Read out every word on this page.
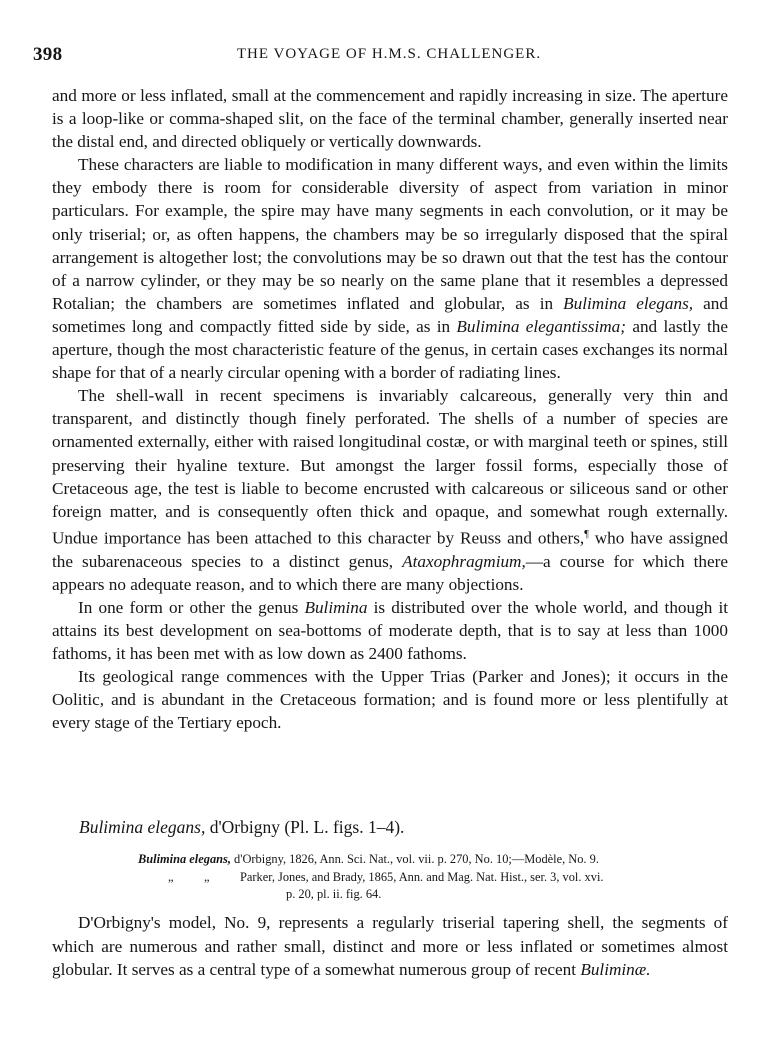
398	THE VOYAGE OF H.M.S. CHALLENGER.

and more or less inflated, small at the commencement and rapidly increasing in size. The aperture is a loop-like or comma-shaped slit, on the face of the terminal chamber, generally inserted near the distal end, and directed obliquely or vertically downwards.

These characters are liable to modification in many different ways, and even within the limits they embody there is room for considerable diversity of aspect from variation in minor particulars. For example, the spire may have many segments in each convolution, or it may be only triserial; or, as often happens, the chambers may be so irregularly disposed that the spiral arrangement is altogether lost; the convolutions may be so drawn out that the test has the contour of a narrow cylinder, or they may be so nearly on the same plane that it resembles a depressed Rotalian; the chambers are sometimes inflated and globular, as in Bulimina elegans, and sometimes long and compactly fitted side by side, as in Bulimina elegantissima; and lastly the aperture, though the most characteristic feature of the genus, in certain cases exchanges its normal shape for that of a nearly circular opening with a border of radiating lines.

The shell-wall in recent specimens is invariably calcareous, generally very thin and transparent, and distinctly though finely perforated. The shells of a number of species are ornamented externally, either with raised longitudinal costæ, or with marginal teeth or spines, still preserving their hyaline texture. But amongst the larger fossil forms, especially those of Cretaceous age, the test is liable to become encrusted with calcareous or siliceous sand or other foreign matter, and is consequently often thick and opaque, and somewhat rough externally. Undue importance has been attached to this character by Reuss and others,¶ who have assigned the subarenaceous species to a distinct genus, Ataxophragmium,—a course for which there appears no adequate reason, and to which there are many objections.

In one form or other the genus Bulimina is distributed over the whole world, and though it attains its best development on sea-bottoms of moderate depth, that is to say at less than 1000 fathoms, it has been met with as low down as 2400 fathoms.

Its geological range commences with the Upper Trias (Parker and Jones); it occurs in the Oolitic, and is abundant in the Cretaceous formation; and is found more or less plentifully at every stage of the Tertiary epoch.

Bulimina elegans, d'Orbigny (Pl. L. figs. 1–4).
Bulimina elegans, d'Orbigny, 1826, Ann. Sci. Nat., vol. vii. p. 270, No. 10;—Modèle, No. 9.
„ „ Parker, Jones, and Brady, 1865, Ann. and Mag. Nat. Hist., ser. 3, vol. xvi.
p. 20, pl. ii. fig. 64.

D'Orbigny's model, No. 9, represents a regularly triserial tapering shell, the segments of which are numerous and rather small, distinct and more or less inflated or sometimes almost globular. It serves as a central type of a somewhat numerous group of recent Buliminæ.
